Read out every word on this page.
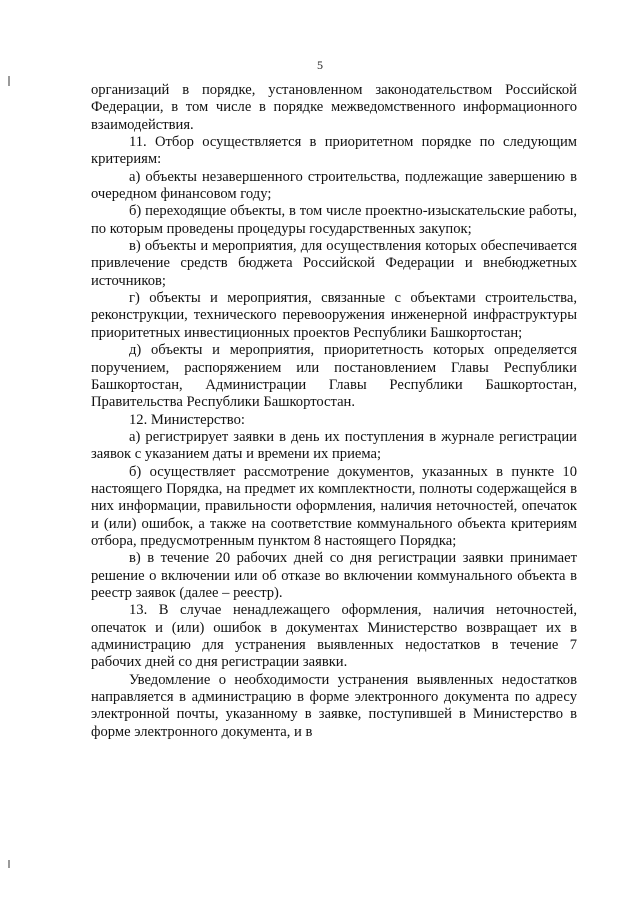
5

организаций в порядке, установленном законодательством Российской Федерации, в том числе в порядке межведомственного информационного взаимодействия.

11. Отбор осуществляется в приоритетном порядке по следующим критериям:

а) объекты незавершенного строительства, подлежащие завершению в очередном финансовом году;

б) переходящие объекты, в том числе проектно-изыскательские работы, по которым проведены процедуры государственных закупок;

в) объекты и мероприятия, для осуществления которых обеспечивается привлечение средств бюджета Российской Федерации и внебюджетных источников;

г) объекты и мероприятия, связанные с объектами строительства, реконструкции, технического перевооружения инженерной инфраструктуры приоритетных инвестиционных проектов Республики Башкортостан;

д) объекты и мероприятия, приоритетность которых определяется поручением, распоряжением или постановлением Главы Республики Башкортостан, Администрации Главы Республики Башкортостан, Правительства Республики Башкортостан.

12. Министерство:

а) регистрирует заявки в день их поступления в журнале регистрации заявок с указанием даты и времени их приема;

б) осуществляет рассмотрение документов, указанных в пункте 10 настоящего Порядка, на предмет их комплектности, полноты содержащейся в них информации, правильности оформления, наличия неточностей, опечаток и (или) ошибок, а также на соответствие коммунального объекта критериям отбора, предусмотренным пунктом 8 настоящего Порядка;

в) в течение 20 рабочих дней со дня регистрации заявки принимает решение о включении или об отказе во включении коммунального объекта в реестр заявок (далее – реестр).

13. В случае ненадлежащего оформления, наличия неточностей, опечаток и (или) ошибок в документах Министерство возвращает их в администрацию для устранения выявленных недостатков в течение 7 рабочих дней со дня регистрации заявки.

Уведомление о необходимости устранения выявленных недостатков направляется в администрацию в форме электронного документа по адресу электронной почты, указанному в заявке, поступившей в Министерство в форме электронного документа, и в
